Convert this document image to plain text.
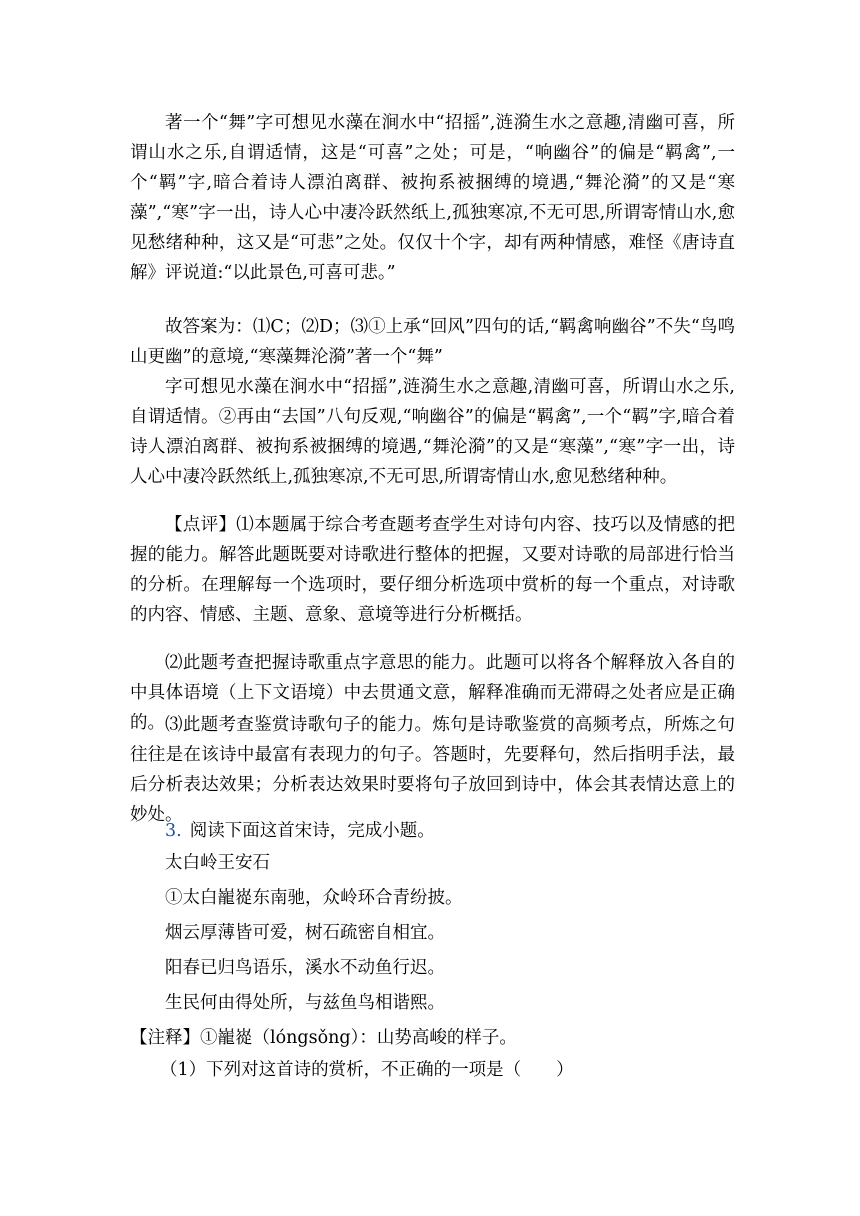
著一个“舞”字可想见水藻在涧水中“招摇”,涟漪生水之意趣,清幽可喜，所谓山水之乐,自谓适情，这是“可喜”之处；可是，“响幽谷”的偏是“羁禽”,一个“羁”字,暗合着诗人漂泊离群、被拘系被捆缚的境遇,“舞沦漪”的又是“寒藻”,“寒”字一出，诗人心中凄冷跃然纸上,孤独寒凉,不无可思,所谓寄情山水,愈见愁绪种种，这又是“可悲”之处。仅仅十个字，却有两种情感，难怪《唐诗直解》评说道:“以此景色,可喜可悲。”
故答案为：⑴C；⑵D；⑶①上承“回风”四句的话,“羁禽响幽谷”不失“鸟鸣山更幽”的意境,“寒藻舞沦漪”著一个“舞”
字可想见水藻在涧水中“招摇”,涟漪生水之意趣,清幽可喜，所谓山水之乐,自谓适情。②再由“去国”八句反观,“响幽谷”的偏是“羁禽”,一个“羁”字,暗合着诗人漂泊离群、被拘系被捆缚的境遇,“舞沦漪”的又是“寒藻”,“寒”字一出，诗人心中凄冷跃然纸上,孤独寒凉,不无可思,所谓寄情山水,愈见愁绪种种。
【点评】⑴本题属于综合考查题考查学生对诗句内容、技巧以及情感的把握的能力。解答此题既要对诗歌进行整体的把握，又要对诗歌的局部进行恰当的分析。在理解每一个选项时，要仔细分析选项中赏析的每一个重点，对诗歌的内容、情感、主题、意象、意境等进行分析概括。
⑵此题考查把握诗歌重点字意思的能力。此题可以将各个解释放入各自的中具体语境（上下文语境）中去贯通文意，解释准确而无滞碍之处者应是正确的。 ⑶此题考查鉴赏诗歌句子的能力。炼句是诗歌鉴赏的高频考点，所炼之句往往是在该诗中最富有表现力的句子。答题时，先要释句，然后指明手法，最后分析表达效果；分析表达效果时要将句子放回到诗中，体会其表情达意上的妙处。
3. 阅读下面这首宋诗，完成小题。
太白岭王安石
①太白巃嵸东南驰，众岭环合青纷披。
烟云厚薄皆可爱，树石疏密自相宜。
阳春已归鸟语乐，溪水不动鱼行迟。
生民何由得处所，与兹鱼鸟相谐熙。
【注释】①巃嵸（lóngsǒng）：山势高峻的样子。
（1）下列对这首诗的赏析，不正确的一项是（　　）
